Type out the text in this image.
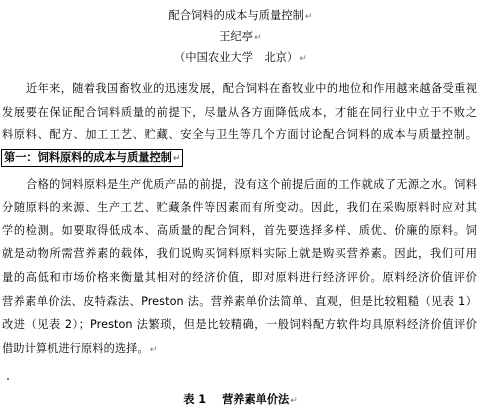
配合饲料的成本与质量控制↵
王纪亭↵
（中国农业大学　北京）↵
近年来，随着我国畜牧业的迅速发展，配合饲料在畜牧业中的地位和作用越来越备受重视
发展要在保证配合饲料质量的前提下，尽量从各方面降低成本，才能在同行业中立于不败之
料原料、配方、加工工艺、贮藏、安全与卫生等几个方面讨论配合饲料的成本与质量控制。
第一：饲料原料的成本与质量控制↵
合格的饲料原料是生产优质产品的前提，没有这个前提后面的工作就成了无源之水。饲料
分随原料的来源、生产工艺、贮藏条件等因素而有所变动。因此，我们在采购原料时应对其
学的检测。如要取得低成本、高质量的配合饲料，首先要选择多样、质优、价廉的原料。饲
就是动物所需营养素的载体，我们说购买饲料原料实际上就是购买营养素。因此，我们可用
量的高低和市场价格来衡量其相对的经济价值，即对原料进行经济评价。原料经济价值评价
营养素单价法、皮特森法、Preston 法。营养素单价法简单、直观，但是比较粗糙（见表 1）
改进（见表 2）；Preston 法繁琐，但是比较精确，一般饲料配方软件均具原料经济价值评价
借助计算机进行原料的选择。↵
表 1 营养素单价法↵
